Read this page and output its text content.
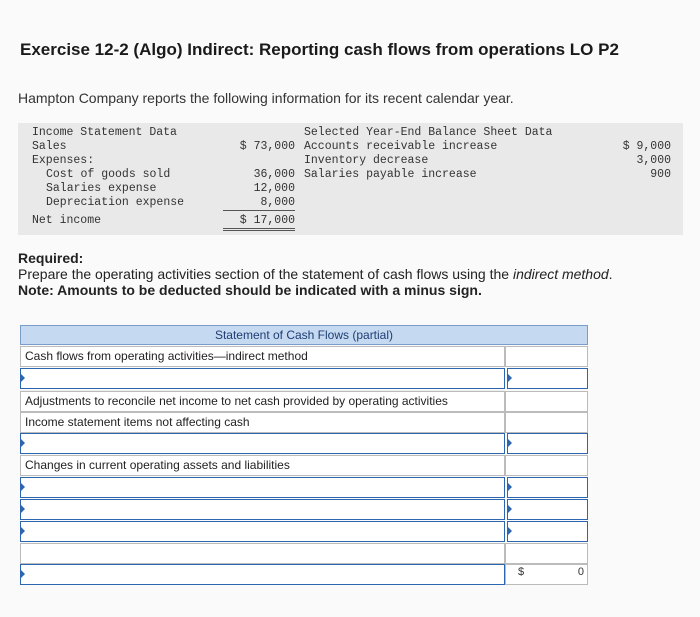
Exercise 12-2 (Algo) Indirect: Reporting cash flows from operations LO P2
Hampton Company reports the following information for its recent calendar year.
Income Statement Data
Sales	$ 73,000
Expenses:
Cost of goods sold	36,000
Salaries expense	12,000
Depreciation expense	8,000
Net income	$ 17,000
Selected Year-End Balance Sheet Data
Accounts receivable increase	$ 9,000
Inventory decrease	3,000
Salaries payable increase	900
Required:
Prepare the operating activities section of the statement of cash flows using the indirect method.
Note: Amounts to be deducted should be indicated with a minus sign.
Statement of Cash Flows (partial)
Cash flows from operating activities—indirect method
Adjustments to reconcile net income to net cash provided by operating activities
Income statement items not affecting cash
Changes in current operating assets and liabilities
$	0
